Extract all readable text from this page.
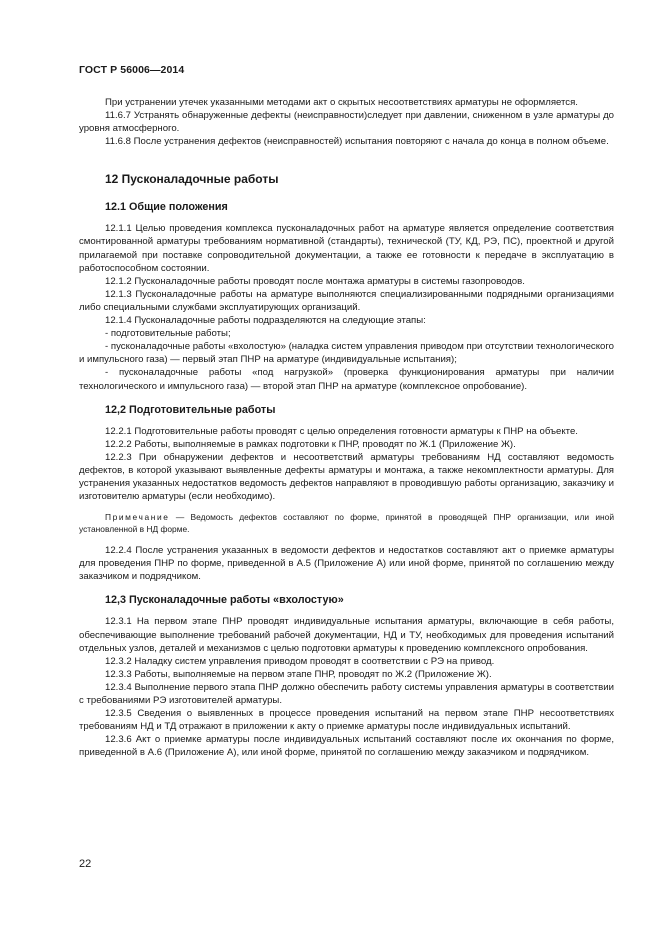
ГОСТ Р 56006—2014

При устранении утечек указанными методами акт о скрытых несоответствиях арматуры не оформляется.

11.6.7 Устранять обнаруженные дефекты (неисправности)следует при давлении, сниженном в узле арматуры до уровня атмосферного.

11.6.8 После устранения дефектов (неисправностей) испытания повторяют с начала до конца в полном объеме.

12 Пусконаладочные работы
12.1 Общие положения

12.1.1 Целью проведения комплекса пусконаладочных работ на арматуре является определение соответствия смонтированной арматуры требованиям нормативной (стандарты), технической (ТУ, КД, РЭ, ПС), проектной и другой прилагаемой при поставке сопроводительной документации, а также ее готовности к передаче в эксплуатацию в работоспособном состоянии.

12.1.2 Пусконаладочные работы проводят после монтажа арматуры в системы газопроводов.

12.1.3 Пусконаладочные работы на арматуре выполняются специализированными подрядными организациями либо специальными службами эксплуатирующих организаций.

12.1.4 Пусконаладочные работы подразделяются на следующие этапы:

- подготовительные работы;

- пусконаладочные работы «вхолостую» (наладка систем управления приводом при отсутствии технологического и импульсного газа) — первый этап ПНР на арматуре (индивидуальные испытания);

- пусконаладочные работы «под нагрузкой» (проверка функционирования арматуры при наличии технологического и импульсного газа) — второй этап ПНР на арматуре (комплексное опробование).

12,2 Подготовительные работы

12.2.1 Подготовительные работы проводят с целью определения готовности арматуры к ПНР на объекте.

12.2.2 Работы, выполняемые в рамках подготовки к ПНР, проводят по Ж.1 (Приложение Ж).

12.2.3 При обнаружении дефектов и несоответствий арматуры требованиям НД составляют ведомость дефектов, в которой указывают выявленные дефекты арматуры и монтажа, а также некомплектности арматуры. Для устранения указанных недостатков ведомость дефектов направляют в проводившую работы организацию, заказчику и изготовителю арматуры (если необходимо).

Примечание — Ведомость дефектов составляют по форме, принятой в проводящей ПНР организации, или иной установленной в НД форме.

12.2.4 После устранения указанных в ведомости дефектов и недостатков составляют акт о приемке арматуры для проведения ПНР по форме, приведенной в А.5 (Приложение А) или иной форме, принятой по соглашению между заказчиком и подрядчиком.

12,3 Пусконаладочные работы «вхолостую»

12.3.1 На первом этапе ПНР проводят индивидуальные испытания арматуры, включающие в себя работы, обеспечивающие выполнение требований рабочей документации, НД и ТУ, необходимых для проведения испытаний отдельных узлов, деталей и механизмов с целью подготовки арматуры к проведению комплексного опробования.

12.3.2 Наладку систем управления приводом проводят в соответствии с РЭ на привод.

12.3.3 Работы, выполняемые на первом этапе ПНР, проводят по Ж.2 (Приложение Ж).

12.3.4 Выполнение первого этапа ПНР должно обеспечить работу системы управления арматуры в соответствии с требованиями РЭ изготовителей арматуры.

12.3.5 Сведения о выявленных в процессе проведения испытаний на первом этапе ПНР несоответствиях требованиям НД и ТД отражают в приложении к акту о приемке арматуры после индивидуальных испытаний.

12.3.6 Акт о приемке арматуры после индивидуальных испытаний составляют после их окончания по форме, приведенной в А.6 (Приложение А), или иной форме, принятой по соглашению между заказчиком и подрядчиком.

22
